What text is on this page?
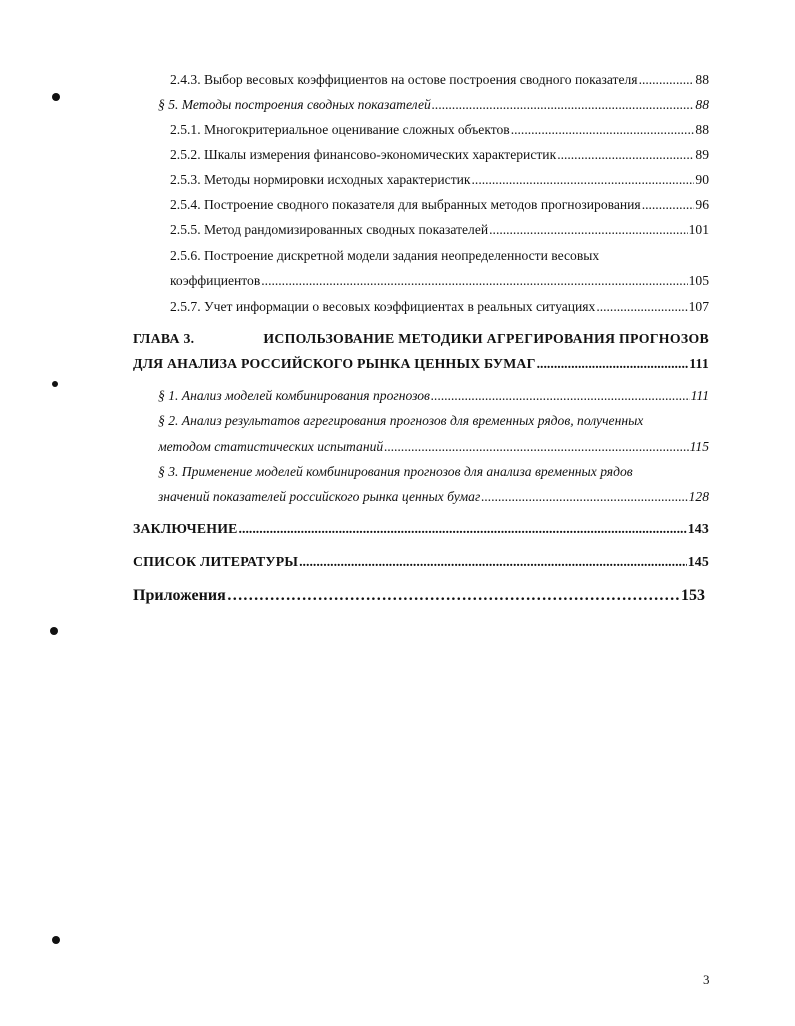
2.4.3. Выбор весовых коэффициентов на остове построения сводного показателя .....	88
§ 5. Методы построения сводных показателей .....	88
2.5.1. Многокритериальное оценивание сложных объектов .....	88
2.5.2. Шкалы измерения финансово-экономических характеристик .....	89
2.5.3. Методы нормировки исходных характеристик .....	90
2.5.4. Построение сводного показателя для выбранных методов прогнозирования .....	96
2.5.5. Метод рандомизированных сводных показателей .....	101
2.5.6. Построение дискретной модели задания неопределенности весовых
коэффициентов .....	105
2.5.7. Учет информации о весовых коэффициентах в реальных ситуациях .....	107
ГЛАВА 3.	ИСПОЛЬЗОВАНИЕ МЕТОДИКИ АГРЕГИРОВАНИЯ ПРОГНОЗОВ
ДЛЯ АНАЛИЗА РОССИЙСКОГО РЫНКА ЦЕННЫХ БУМАГ .....	111
§ 1. Анализ моделей комбинирования прогнозов .....	111
§ 2. Анализ результатов агрегирования прогнозов для временных рядов, полученных
методом статистических испытаний .....	115
§ 3. Применение моделей комбинирования прогнозов для анализа временных рядов
значений показателей российского рынка ценных бумаг .....	128
ЗАКЛЮЧЕНИЕ .....	143
СПИСОК ЛИТЕРАТУРЫ .....	145
Приложения ……………………………………………………………………………………………………	153
3
